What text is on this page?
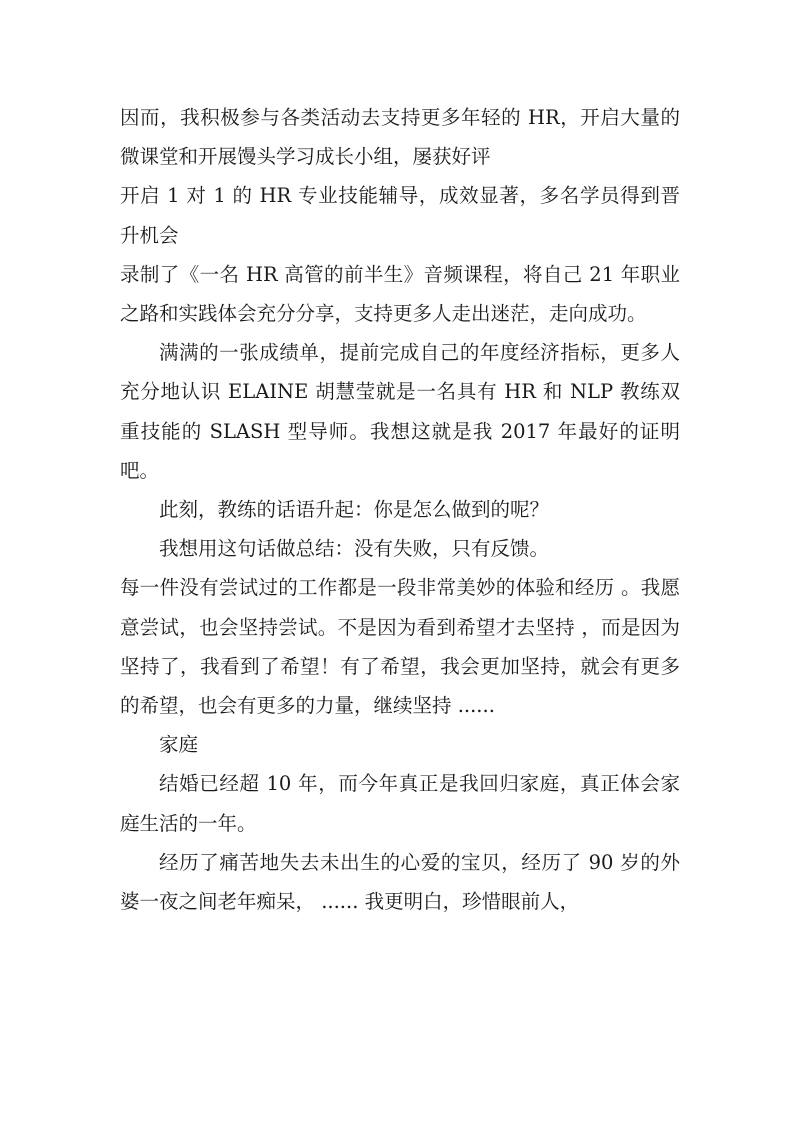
因而，我积极参与各类活动去支持更多年轻的 HR，开启大量的微课堂和开展馒头学习成长小组，屡获好评

开启 1 对 1 的 HR 专业技能辅导，成效显著，多名学员得到晋升机会

录制了《一名 HR 高管的前半生》音频课程，将自己 21 年职业之路和实践体会充分分享，支持更多人走出迷茫，走向成功。

满满的一张成绩单，提前完成自己的年度经济指标，更多人充分地认识 ELAINE 胡慧莹就是一名具有 HR 和 NLP 教练双重技能的 SLASH 型导师。我想这就是我 2017 年最好的证明吧。

此刻，教练的话语升起：你是怎么做到的呢？

我想用这句话做总结：没有失败，只有反馈。

每一件没有尝试过的工作都是一段非常美妙的体验和经历 。我愿意尝试，也会坚持尝试。不是因为看到希望才去坚持 ，而是因为坚持了，我看到了希望！有了希望，我会更加坚持，就会有更多的希望，也会有更多的力量，继续坚持 ......

家庭

结婚已经超 10 年，而今年真正是我回归家庭，真正体会家庭生活的一年。

经历了痛苦地失去未出生的心爱的宝贝，经历了 90 岁的外婆一夜之间老年痴呆， ...... 我更明白，珍惜眼前人，
